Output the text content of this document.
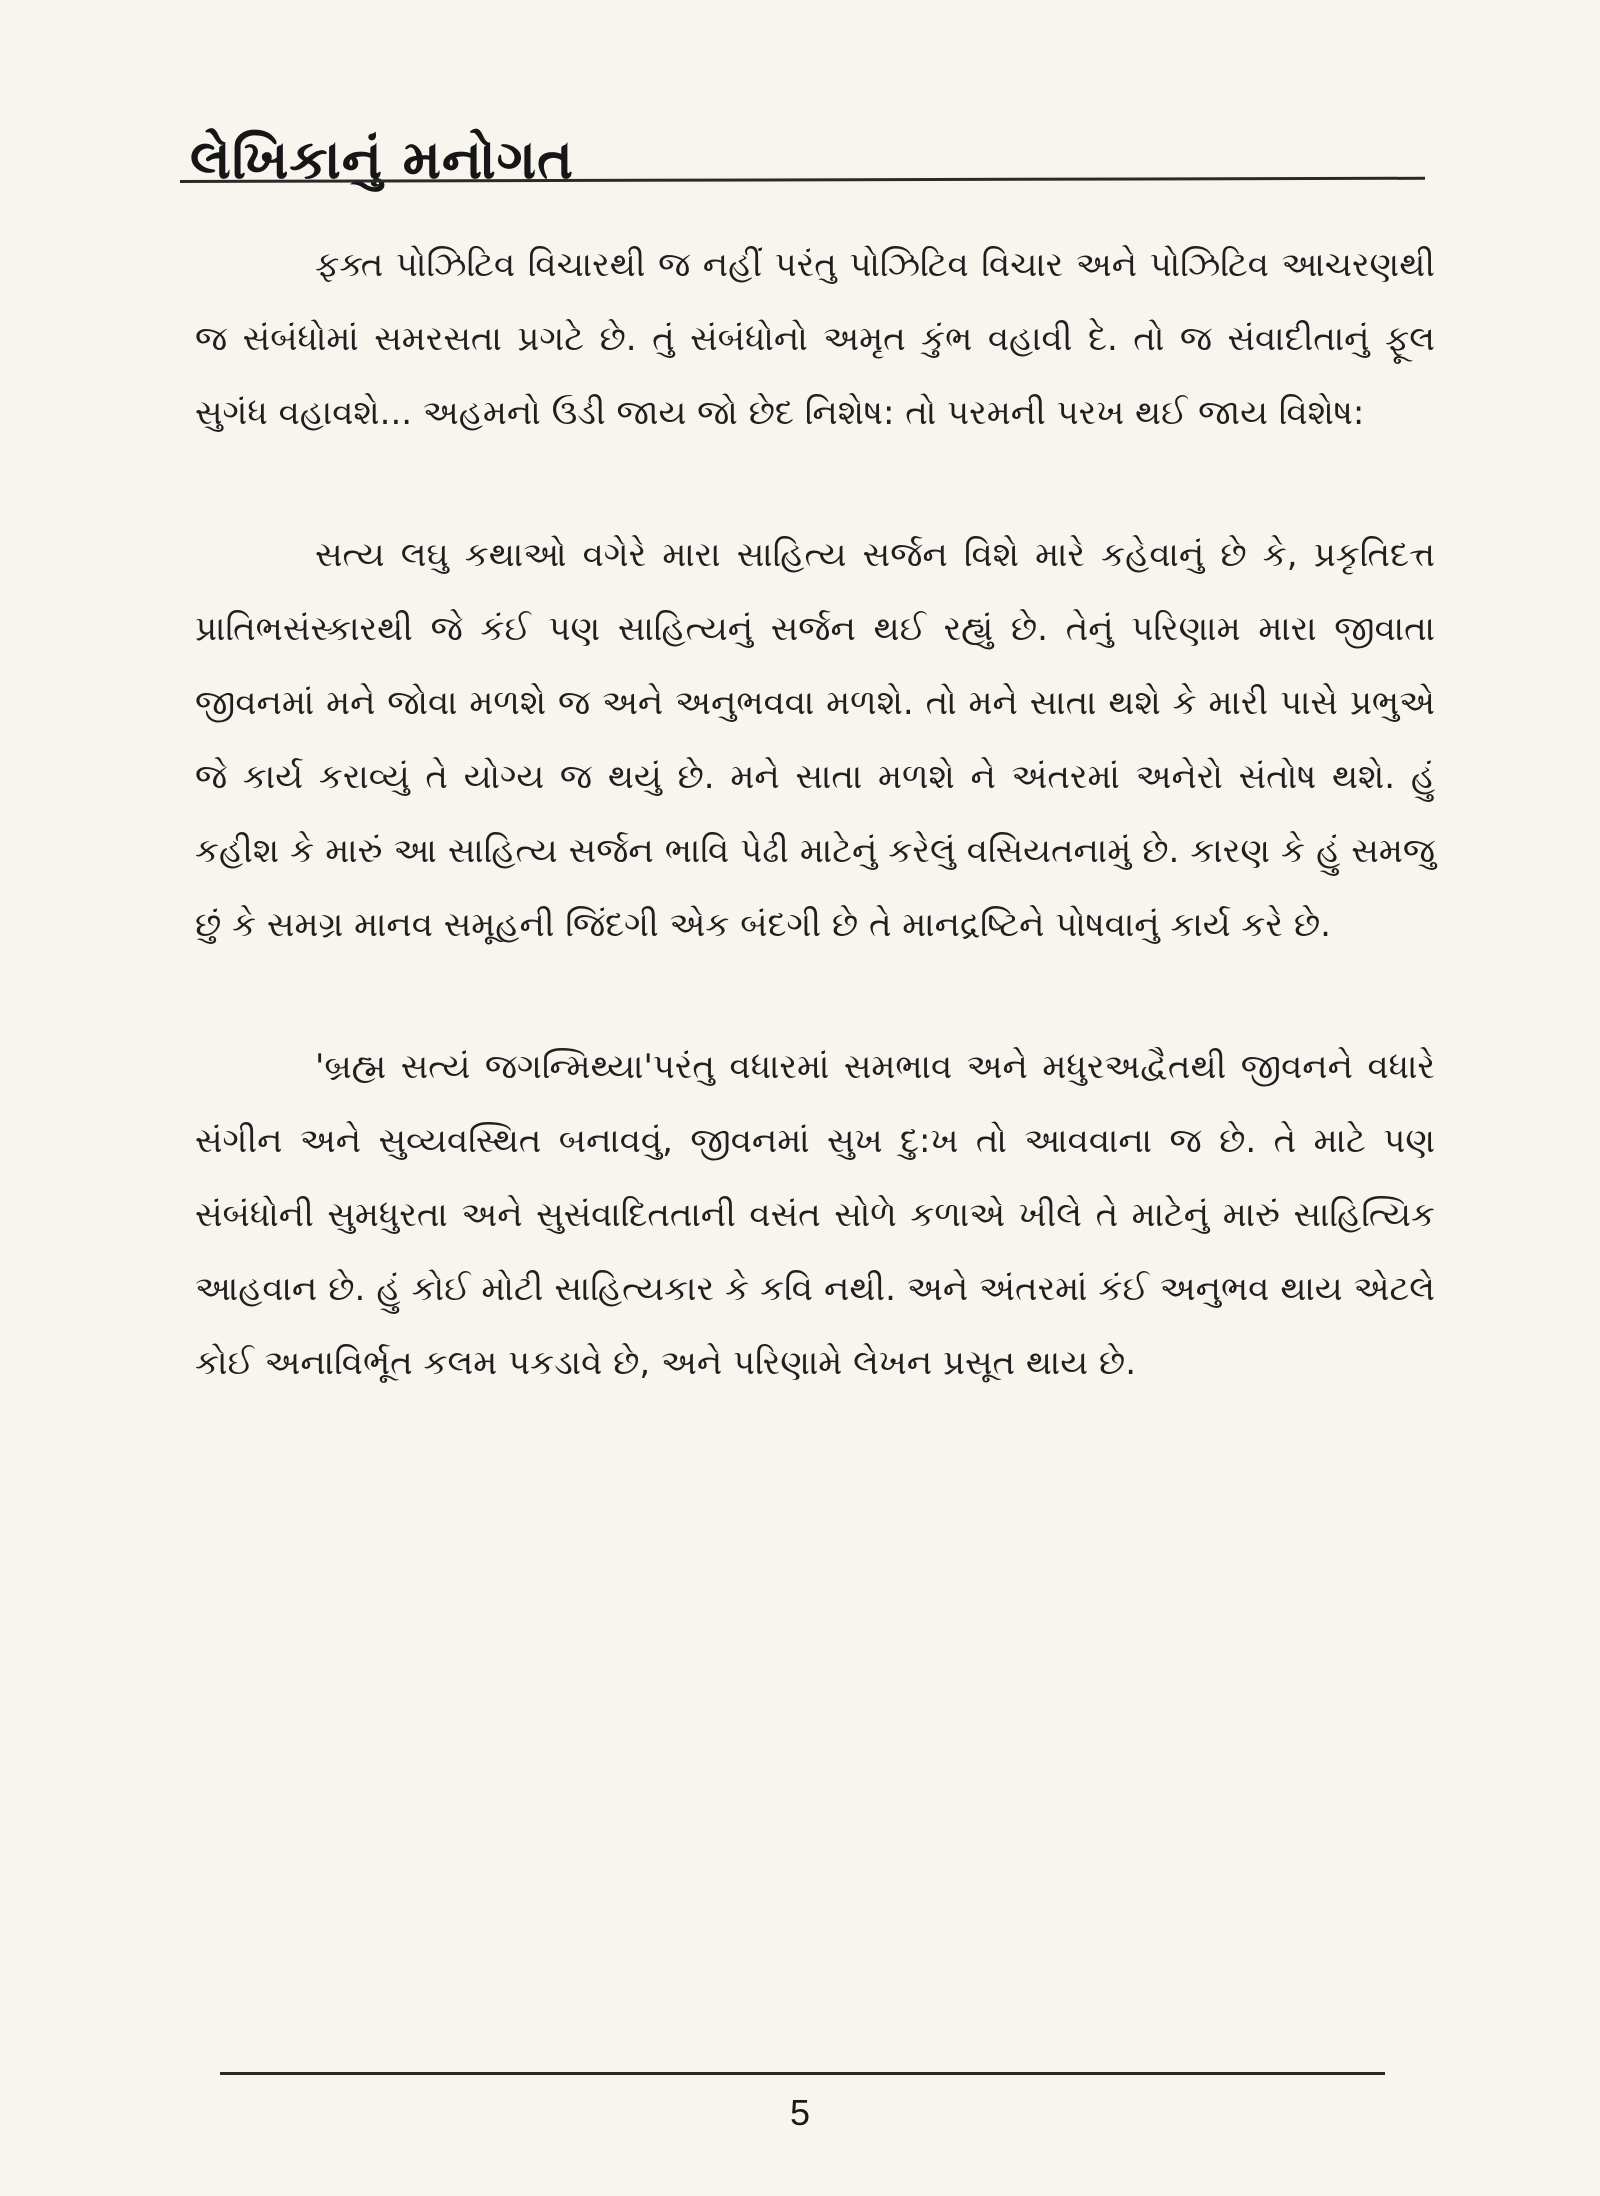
લેખિકાનું મનોગત

ફક્ત પોઝિટિવ વિચારથી જ નહીં પરંતુ પોઝિટિવ વિચાર અને પોઝિટિવ આચરણથી જ સંબંધોમાં સમરસતા પ્રગટે છે. તું સંબંધોનો અમૃત કુંભ વહાવી દે. તો જ સંવાદીતાનું ફૂલ સુગંધ વહાવશે... અહમનો ઉડી જાય જો છેદ નિશેષ: તો પરમની પરખ થઈ જાય વિશેષ:

સત્ય લઘુ કથાઓ વગેરે મારા સાહિત્ય સર્જન વિશે મારે કહેવાનું છે કે, પ્રકૃતિદત્ત પ્રાતિભસંસ્કારથી જે કંઈ પણ સાહિત્યનું સર્જન થઈ રહ્યું છે. તેનું પરિણામ મારા જીવાતા જીવનમાં મને જોવા મળશે જ અને અનુભવવા મળશે. તો મને સાતા થશે કે મારી પાસે પ્રભુએ જે કાર્ય કરાવ્યું તે યોગ્ય જ થયું છે. મને સાતા મળશે ને અંતરમાં અનેરો સંતોષ થશે. હું કહીશ કે મારું આ સાહિત્ય સર્જન ભાવિ પેઢી માટેનું કરેલું વસિયતનામું છે. કારણ કે હું સમજુ છું કે સમગ્ર માનવ સમૂહની જિંદગી એક બંદગી છે તે માનદ્રષ્ટિને પોષવાનું કાર્ય કરે છે.

'બ્રહ્મ સત્યં જગન્મિથ્યા'પરંતુ વધારમાં સમભાવ અને મધુરઅદ્વૈતથી જીવનને વધારે સંગીન અને સુવ્યવસ્થિત બનાવવું, જીવનમાં સુખ દુ:ખ તો આવવાના જ છે. તે માટે પણ સંબંધોની સુમધુરતા અને સુસંવાદિતતાની વસંત સોળે કળાએ ખીલે તે માટેનું મારું સાહિત્યિક આહવાન છે. હું કોઈ મોટી સાહિત્યકાર કે કવિ નથી. અને અંતરમાં કંઈ અનુભવ થાય એટલે કોઈ અનાવિર્ભૂત કલમ પકડાવે છે, અને પરિણામે લેખન પ્રસૂત થાય છે.

5
